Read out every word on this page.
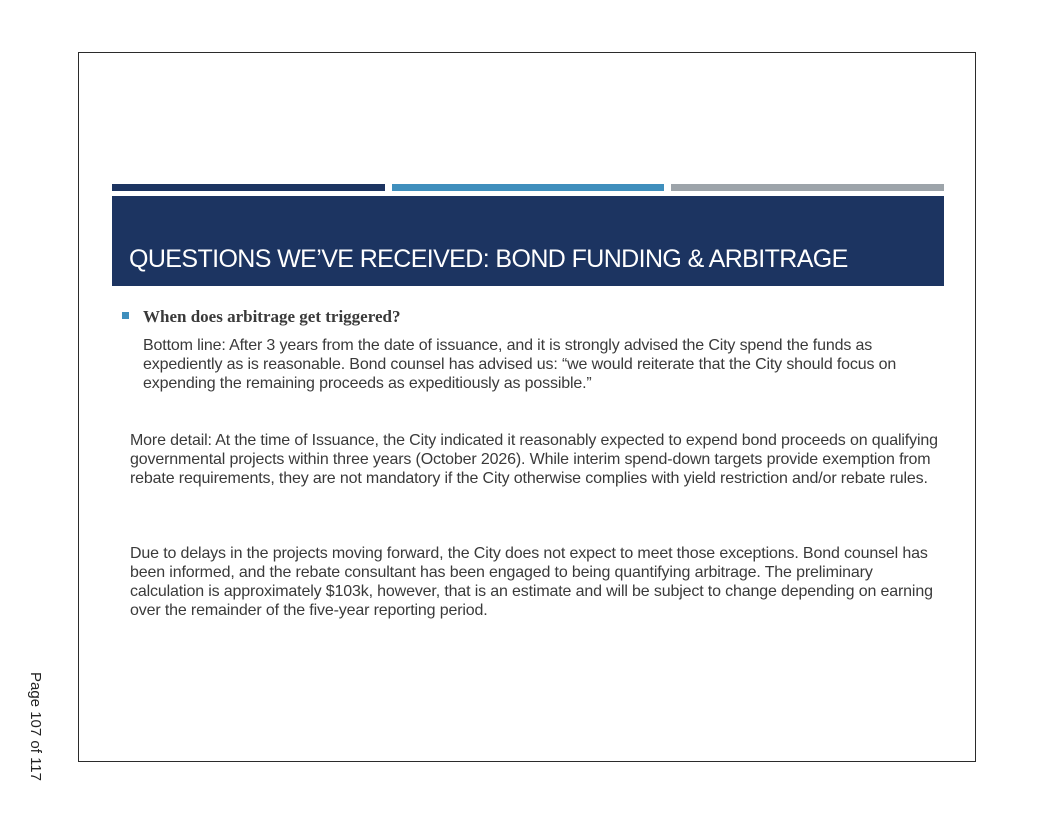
Page 107 of 117
QUESTIONS WE’VE RECEIVED: BOND FUNDING & ARBITRAGE
When does arbitrage get triggered?

Bottom line: After 3 years from the date of issuance, and it is strongly advised the City spend the funds as expediently as is reasonable. Bond counsel has advised us: “we would reiterate that the City should focus on expending the remaining proceeds as expeditiously as possible.”

More detail: At the time of Issuance, the City indicated it reasonably expected to expend bond proceeds on qualifying governmental projects within three years (October 2026). While interim spend-down targets provide exemption from rebate requirements, they are not mandatory if the City otherwise complies with yield restriction and/or rebate rules.

Due to delays in the projects moving forward, the City does not expect to meet those exceptions. Bond counsel has been informed, and the rebate consultant has been engaged to being quantifying arbitrage. The preliminary calculation is approximately $103k, however, that is an estimate and will be subject to change depending on earning over the remainder of the five-year reporting period.
